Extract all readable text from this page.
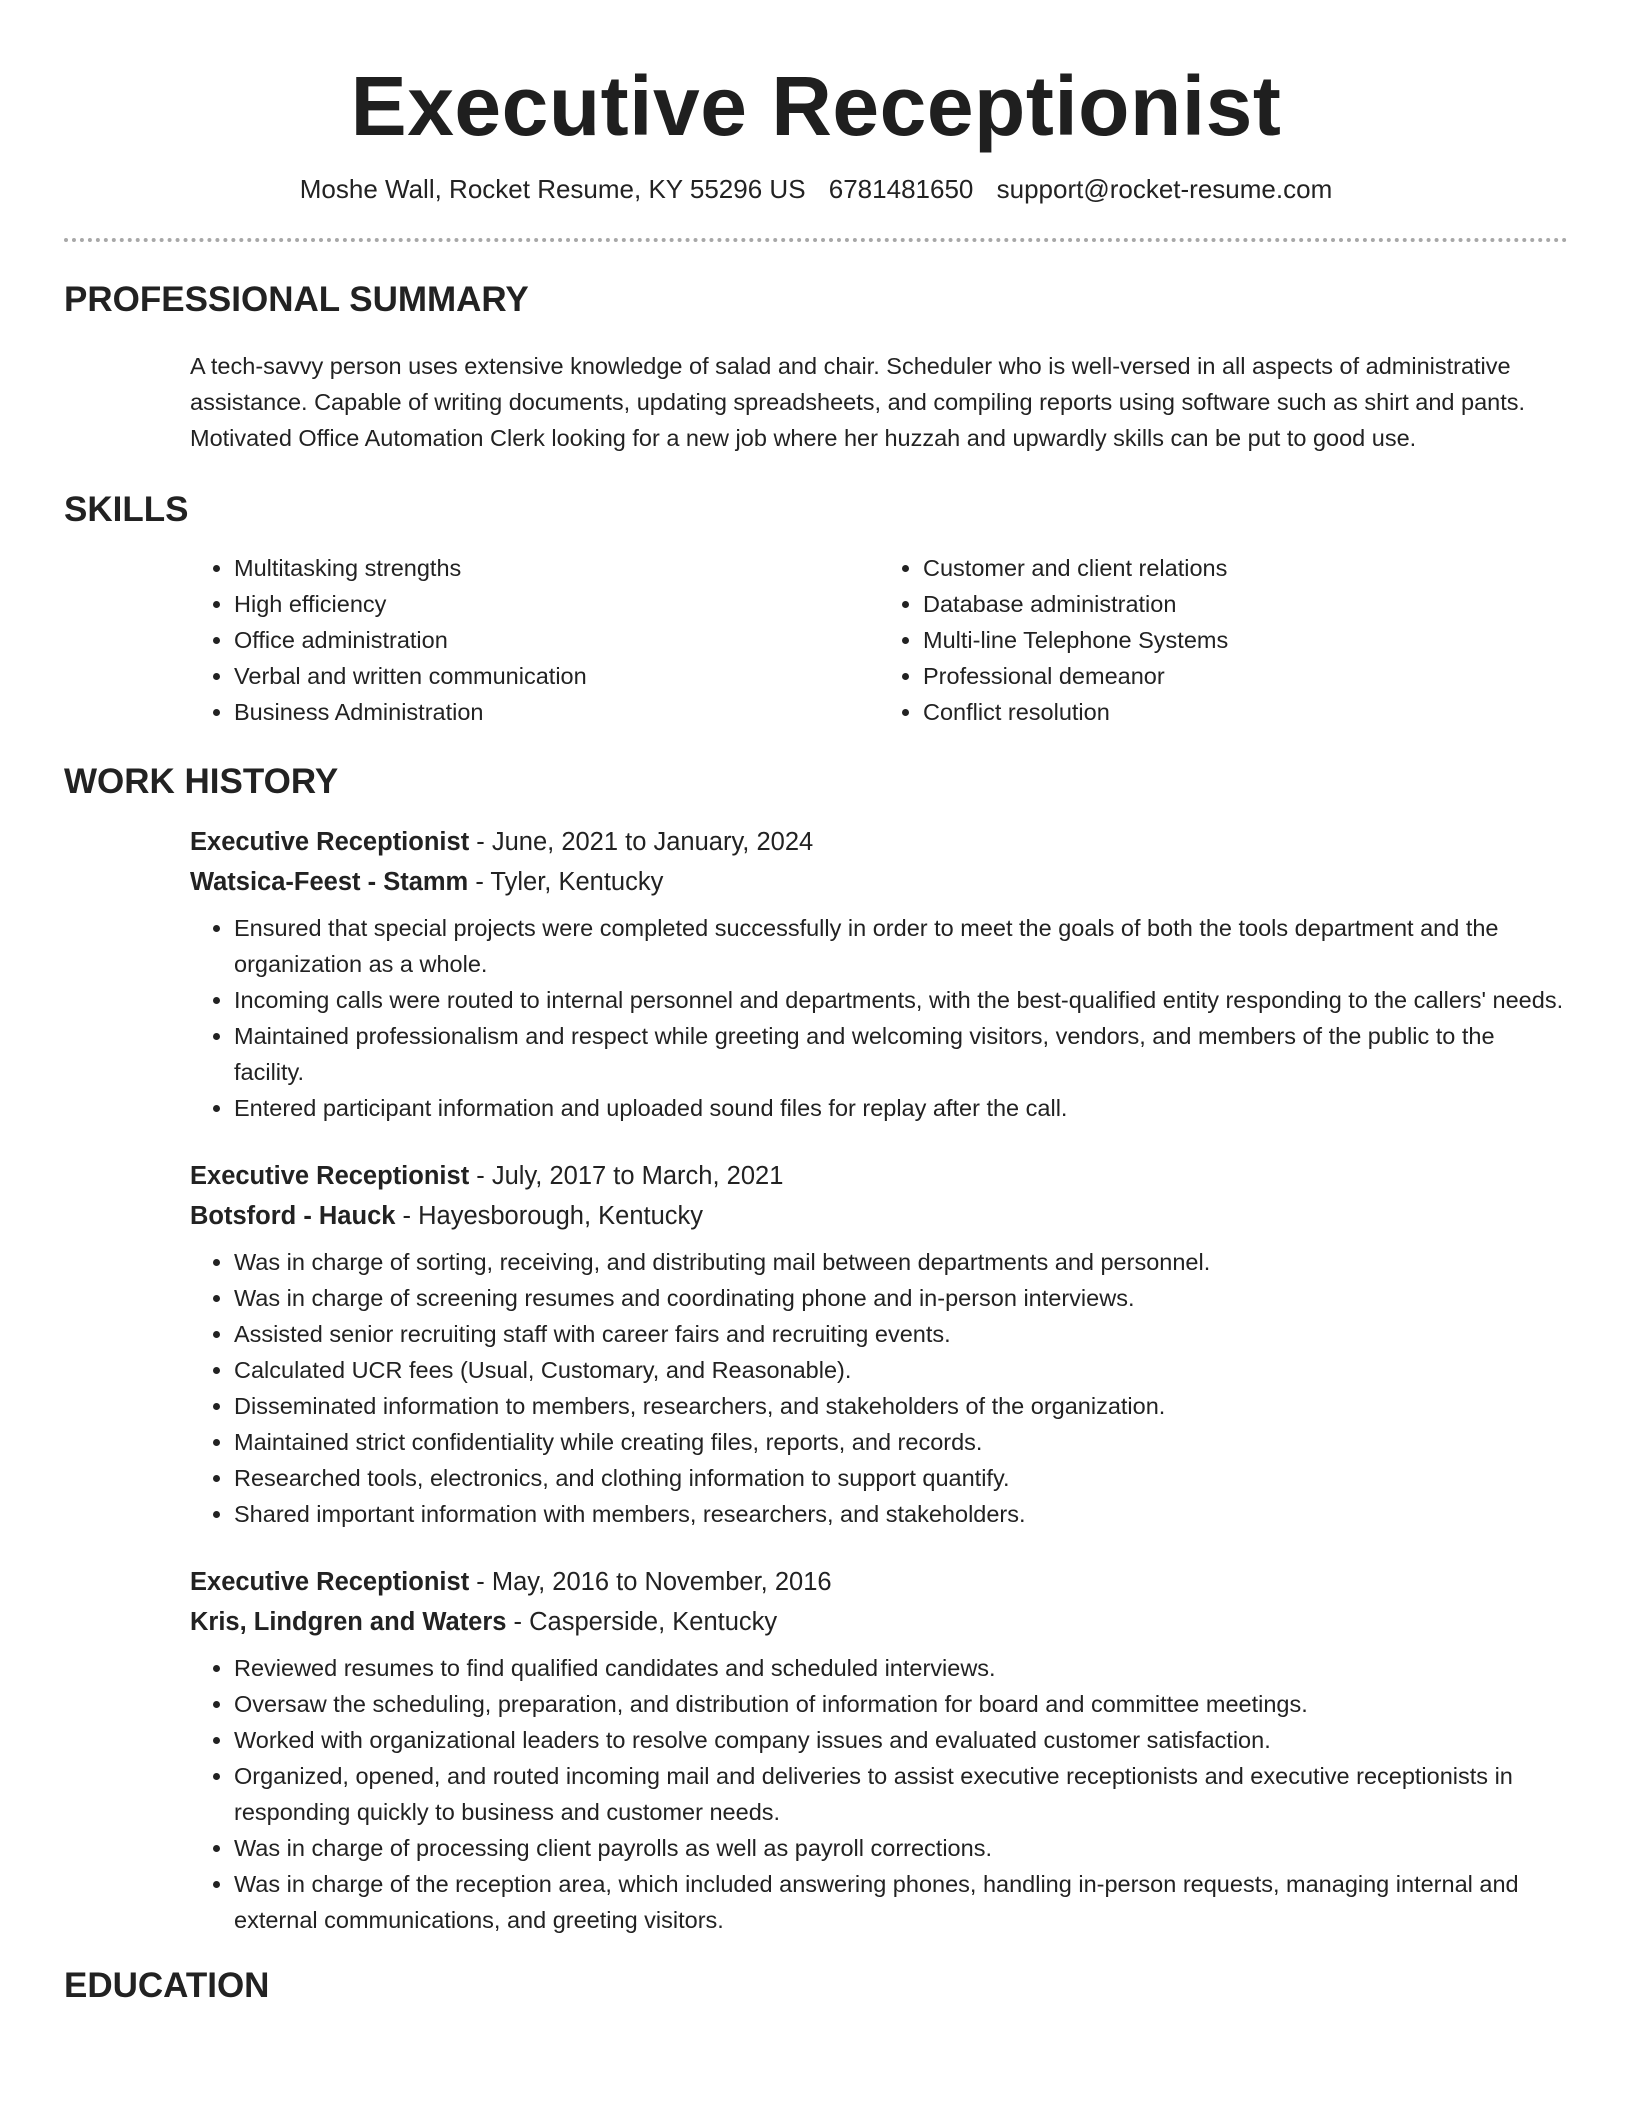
Executive Receptionist
Moshe Wall, Rocket Resume, KY 55296 US 6781481650 support@rocket-resume.com
PROFESSIONAL SUMMARY

A tech-savvy person uses extensive knowledge of salad and chair. Scheduler who is well-versed in all aspects of administrative assistance. Capable of writing documents, updating spreadsheets, and compiling reports using software such as shirt and pants. Motivated Office Automation Clerk looking for a new job where her huzzah and upwardly skills can be put to good use.

SKILLS
• Multitasking strengths
• High efficiency
• Office administration
• Verbal and written communication
• Business Administration
• Customer and client relations
• Database administration
• Multi-line Telephone Systems
• Professional demeanor
• Conflict resolution
WORK HISTORY
Executive Receptionist - June, 2021 to January, 2024
Watsica-Feest - Stamm - Tyler, Kentucky
• Ensured that special projects were completed successfully in order to meet the goals of both the tools department and the organization as a whole.
• Incoming calls were routed to internal personnel and departments, with the best-qualified entity responding to the callers' needs.
• Maintained professionalism and respect while greeting and welcoming visitors, vendors, and members of the public to the facility.
• Entered participant information and uploaded sound files for replay after the call.
Executive Receptionist - July, 2017 to March, 2021
Botsford - Hauck - Hayesborough, Kentucky
• Was in charge of sorting, receiving, and distributing mail between departments and personnel.
• Was in charge of screening resumes and coordinating phone and in-person interviews.
• Assisted senior recruiting staff with career fairs and recruiting events.
• Calculated UCR fees (Usual, Customary, and Reasonable).
• Disseminated information to members, researchers, and stakeholders of the organization.
• Maintained strict confidentiality while creating files, reports, and records.
• Researched tools, electronics, and clothing information to support quantify.
• Shared important information with members, researchers, and stakeholders.
Executive Receptionist - May, 2016 to November, 2016
Kris, Lindgren and Waters - Casperside, Kentucky
• Reviewed resumes to find qualified candidates and scheduled interviews.
• Oversaw the scheduling, preparation, and distribution of information for board and committee meetings.
• Worked with organizational leaders to resolve company issues and evaluated customer satisfaction.
• Organized, opened, and routed incoming mail and deliveries to assist executive receptionists and executive receptionists in responding quickly to business and customer needs.
• Was in charge of processing client payrolls as well as payroll corrections.
• Was in charge of the reception area, which included answering phones, handling in-person requests, managing internal and external communications, and greeting visitors.
EDUCATION
